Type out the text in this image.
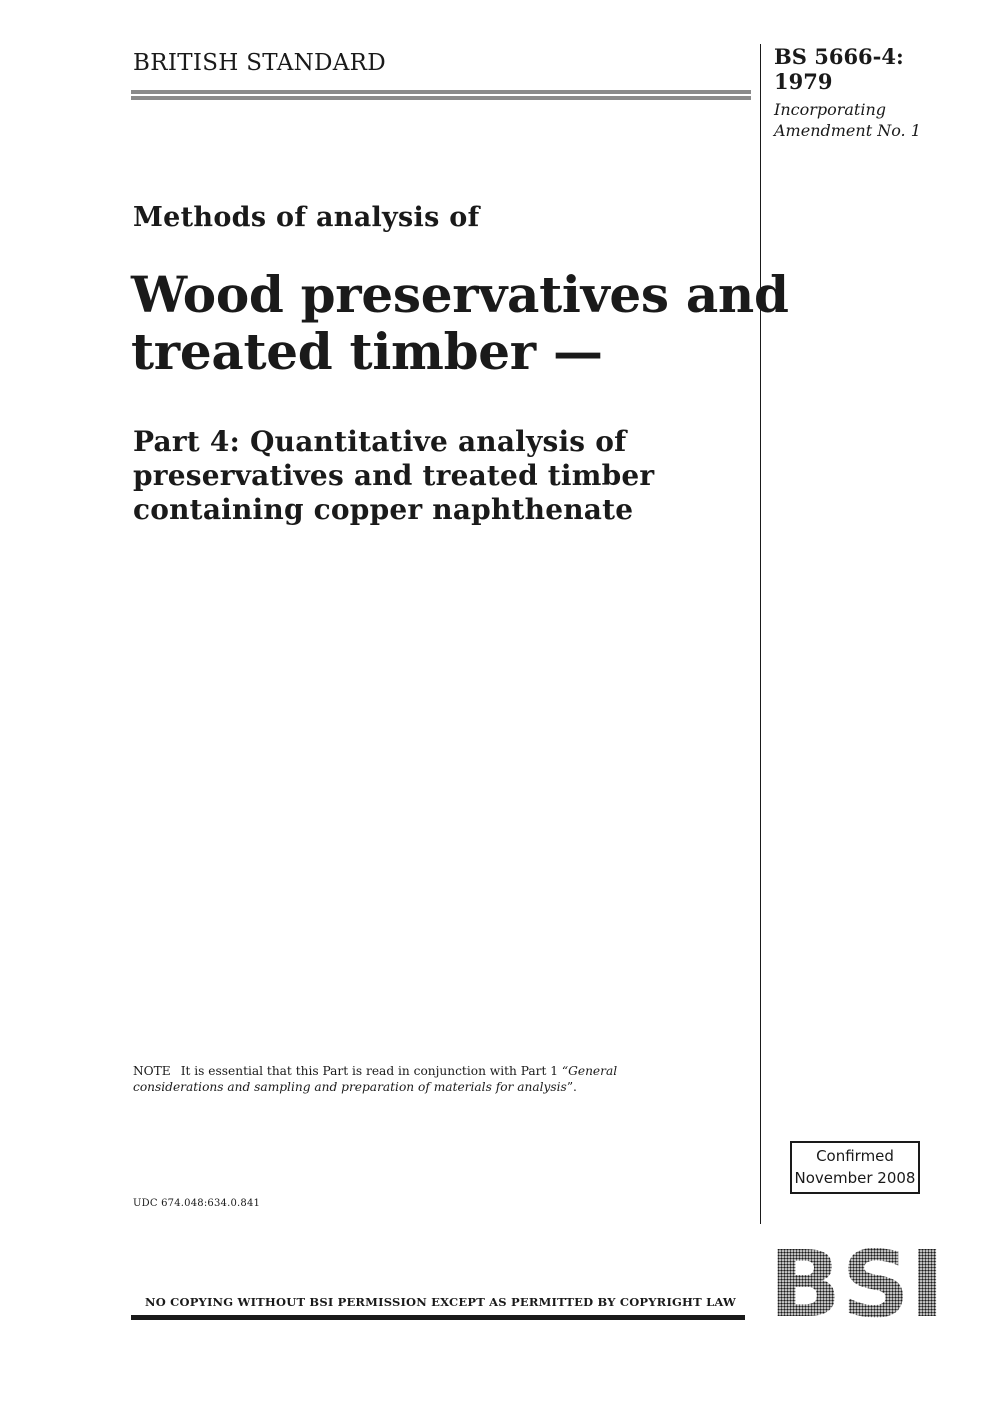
BRITISH STANDARD	BS 5666-4:
1979
Incorporating
Amendment No. 1
Methods of analysis of
Wood preservatives and
treated timber —
Part 4: Quantitative analysis of
preservatives and treated timber
containing copper naphthenate
NOTE It is essential that this Part is read in conjunction with Part 1 “General
considerations and sampling and preparation of materials for analysis”.
UDC 674.048:634.0.841
Confirmed
November 2008
NO COPYING WITHOUT BSI PERMISSION EXCEPT AS PERMITTED BY COPYRIGHT LAW
